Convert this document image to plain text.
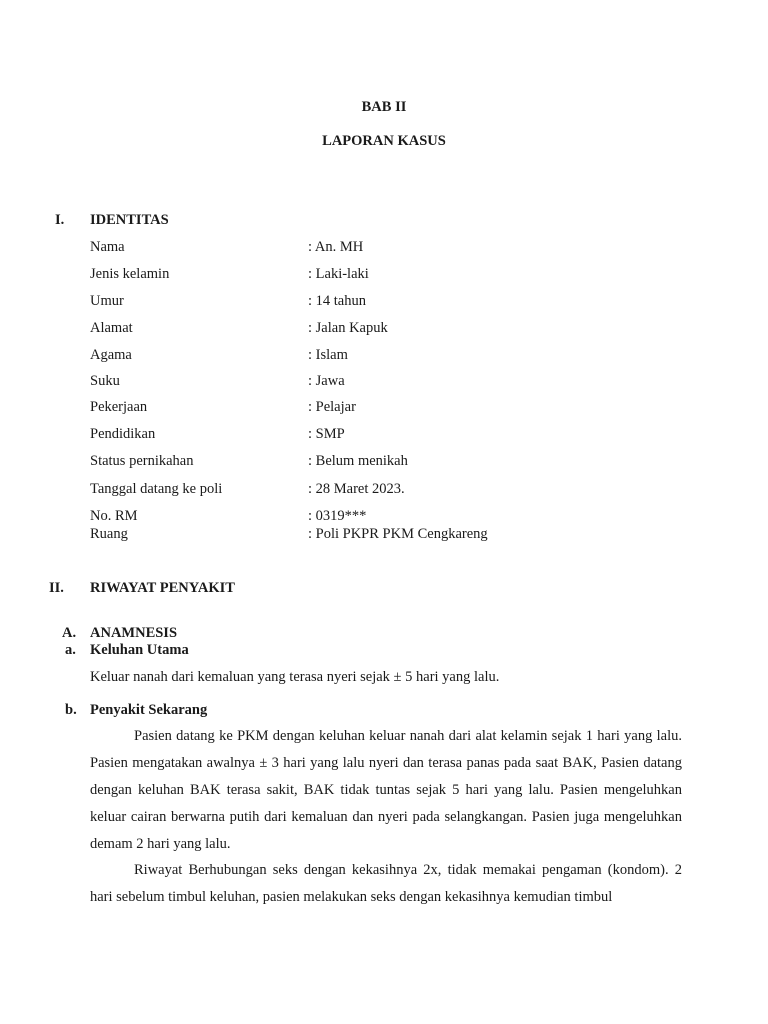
BAB II
LAPORAN KASUS
I. IDENTITAS
Nama	: An. MH
Jenis kelamin	: Laki-laki
Umur	: 14 tahun
Alamat	: Jalan Kapuk
Agama	: Islam
Suku	: Jawa
Pekerjaan	: Pelajar
Pendidikan	: SMP
Status pernikahan	: Belum menikah
Tanggal datang ke poli	: 28 Maret 2023.
No. RM	: 0319***
Ruang	: Poli PKPR PKM Cengkareng
II. RIWAYAT PENYAKIT
A. ANAMNESIS
a. Keluhan Utama
Keluar nanah dari kemaluan yang terasa nyeri sejak ± 5 hari yang lalu.
b. Penyakit Sekarang
Pasien datang ke PKM dengan keluhan keluar nanah dari alat kelamin sejak 1 hari yang lalu. Pasien mengatakan awalnya ± 3 hari yang lalu nyeri dan terasa panas pada saat BAK, Pasien datang dengan keluhan BAK terasa sakit, BAK tidak tuntas sejak 5 hari yang lalu. Pasien mengeluhkan keluar cairan berwarna putih dari kemaluan dan nyeri pada selangkangan. Pasien juga mengeluhkan demam 2 hari yang lalu.
Riwayat Berhubungan seks dengan kekasihnya 2x, tidak memakai pengaman (kondom). 2 hari sebelum timbul keluhan, pasien melakukan seks dengan kekasihnya kemudian timbul
